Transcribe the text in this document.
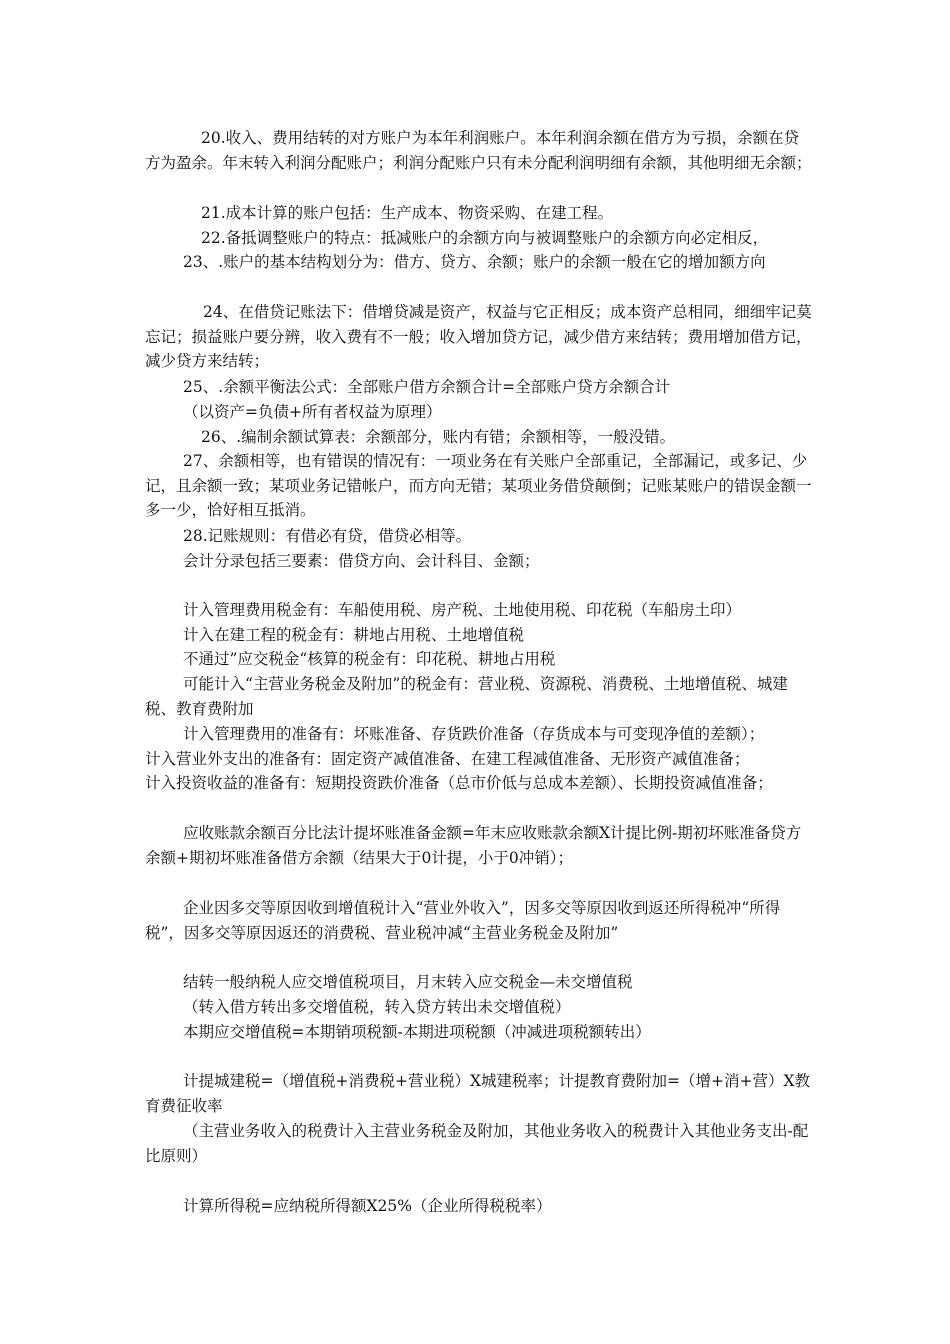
20.收入、费用结转的对方账户为本年利润账户。本年利润余额在借方为亏损，余额在贷方为盈余。年末转入利润分配账户；利润分配账户只有未分配利润明细有余额，其他明细无余额；

21.成本计算的账户包括：生产成本、物资采购、在建工程。

22.备抵调整账户的特点：抵减账户的余额方向与被调整账户的余额方向必定相反，

23、.账户的基本结构划分为：借方、贷方、余额；账户的余额一般在它的增加额方向

24、在借贷记账法下：借增贷减是资产，权益与它正相反；成本资产总相同，细细牢记莫忘记；损益账户要分辨，收入费有不一般；收入增加贷方记，减少借方来结转；费用增加借方记，减少贷方来结转；

25、.余额平衡法公式：全部账户借方余额合计=全部账户贷方余额合计

（以资产=负债+所有者权益为原理）

26、.编制余额试算表：余额部分，账内有错；余额相等，一般没错。

27、余额相等，也有错误的情况有：一项业务在有关账户全部重记，全部漏记，或多记、少记，且余额一致；某项业务记错帐户，而方向无错；某项业务借贷颠倒；记账某账户的错误金额一多一少，恰好相互抵消。

28.记账规则：有借必有贷，借贷必相等。

会计分录包括三要素：借贷方向、会计科目、金额；

计入管理费用税金有：车船使用税、房产税、土地使用税、印花税（车船房土印）

计入在建工程的税金有：耕地占用税、土地增值税

不通过”应交税金“核算的税金有：印花税、耕地占用税

可能计入“主营业务税金及附加”的税金有：营业税、资源税、消费税、土地增值税、城建税、教育费附加

计入管理费用的准备有：坏账准备、存货跌价准备（存货成本与可变现净值的差额）；

计入营业外支出的准备有：固定资产减值准备、在建工程减值准备、无形资产减值准备；

计入投资收益的准备有：短期投资跌价准备（总市价低与总成本差额）、长期投资减值准备；

应收账款余额百分比法计提坏账准备金额=年末应收账款余额X计提比例-期初坏账准备贷方余额+期初坏账准备借方余额（结果大于0计提，小于0冲销）；

企业因多交等原因收到增值税计入“营业外收入”，因多交等原因收到返还所得税冲“所得税”，因多交等原因返还的消费税、营业税冲减“主营业务税金及附加”

结转一般纳税人应交增值税项目，月末转入应交税金—未交增值税

（转入借方转出多交增值税，转入贷方转出未交增值税）

本期应交增值税=本期销项税额-本期进项税额（冲减进项税额转出）

计提城建税=（增值税+消费税+营业税）X城建税率；计提教育费附加=（增+消+营）X教育费征收率

（主营业务收入的税费计入主营业务税金及附加，其他业务收入的税费计入其他业务支出-配比原则）

计算所得税=应纳税所得额X25%（企业所得税税率）
